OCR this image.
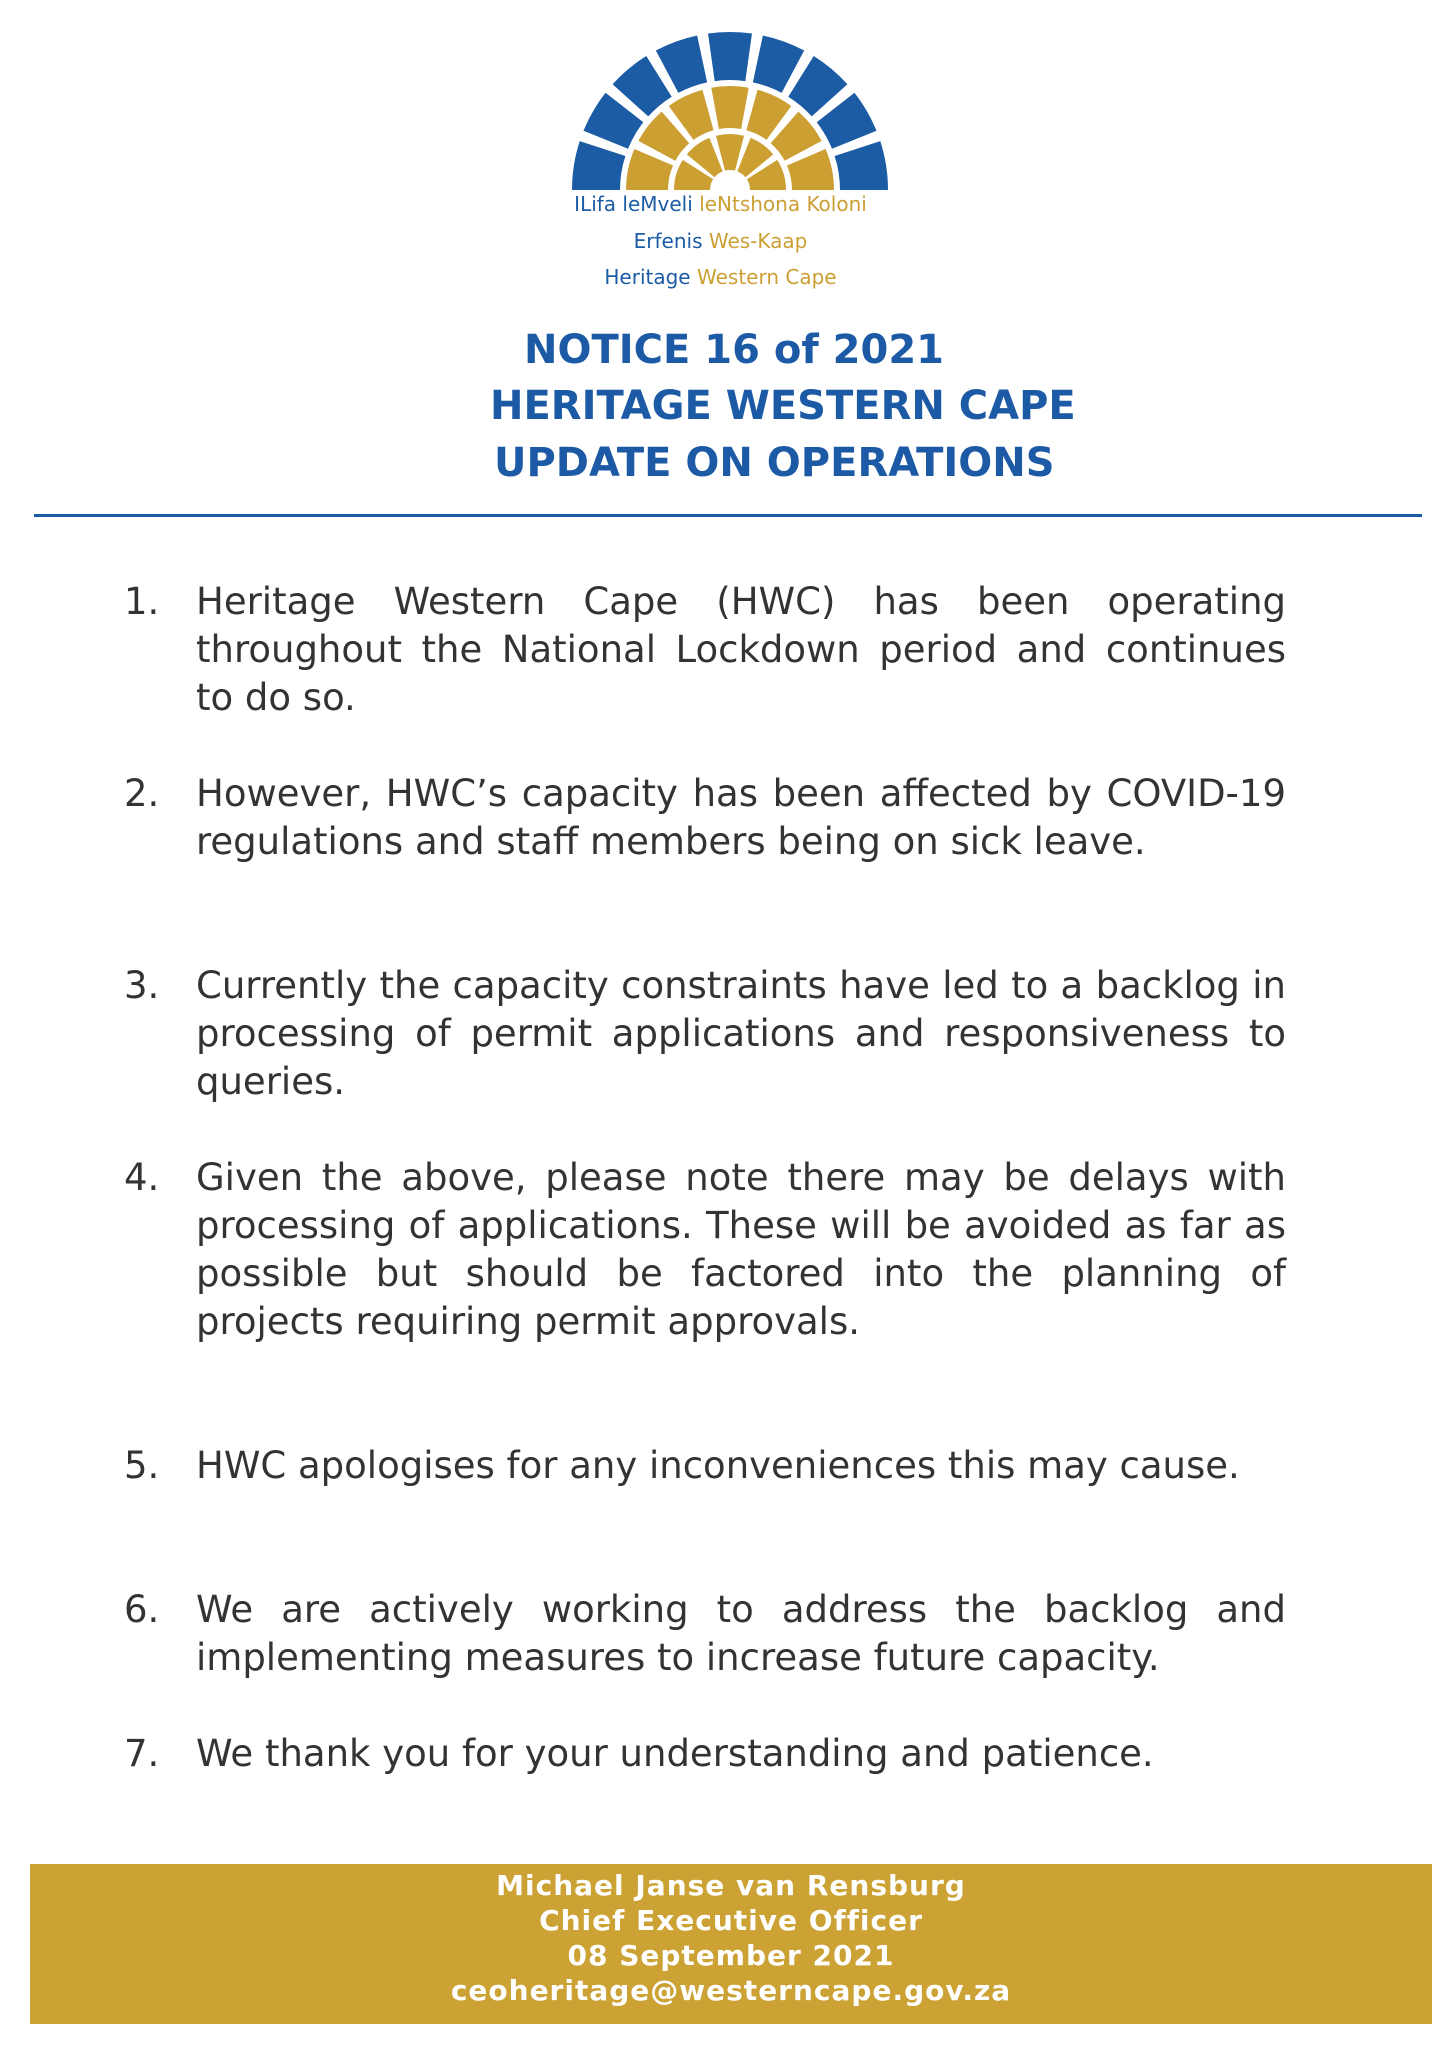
ILifa leMveli leNtshona Koloni
Erfenis Wes-Kaap
Heritage Western Cape
NOTICE 16 of 2021
HERITAGE WESTERN CAPE
UPDATE ON OPERATIONS
1. Heritage Western Cape (HWC) has been operating throughout the National Lockdown period and continues to do so.
2. However, HWC’s capacity has been affected by COVID-19 regulations and staff members being on sick leave.
3. Currently the capacity constraints have led to a backlog in processing of permit applications and responsiveness to queries.
4. Given the above, please note there may be delays with processing of applications. These will be avoided as far as possible but should be factored into the planning of projects requiring permit approvals.
5. HWC apologises for any inconveniences this may cause.
6. We are actively working to address the backlog and implementing measures to increase future capacity.
7. We thank you for your understanding and patience.
Michael Janse van Rensburg
Chief Executive Officer
08 September 2021
ceoheritage@westerncape.gov.za
